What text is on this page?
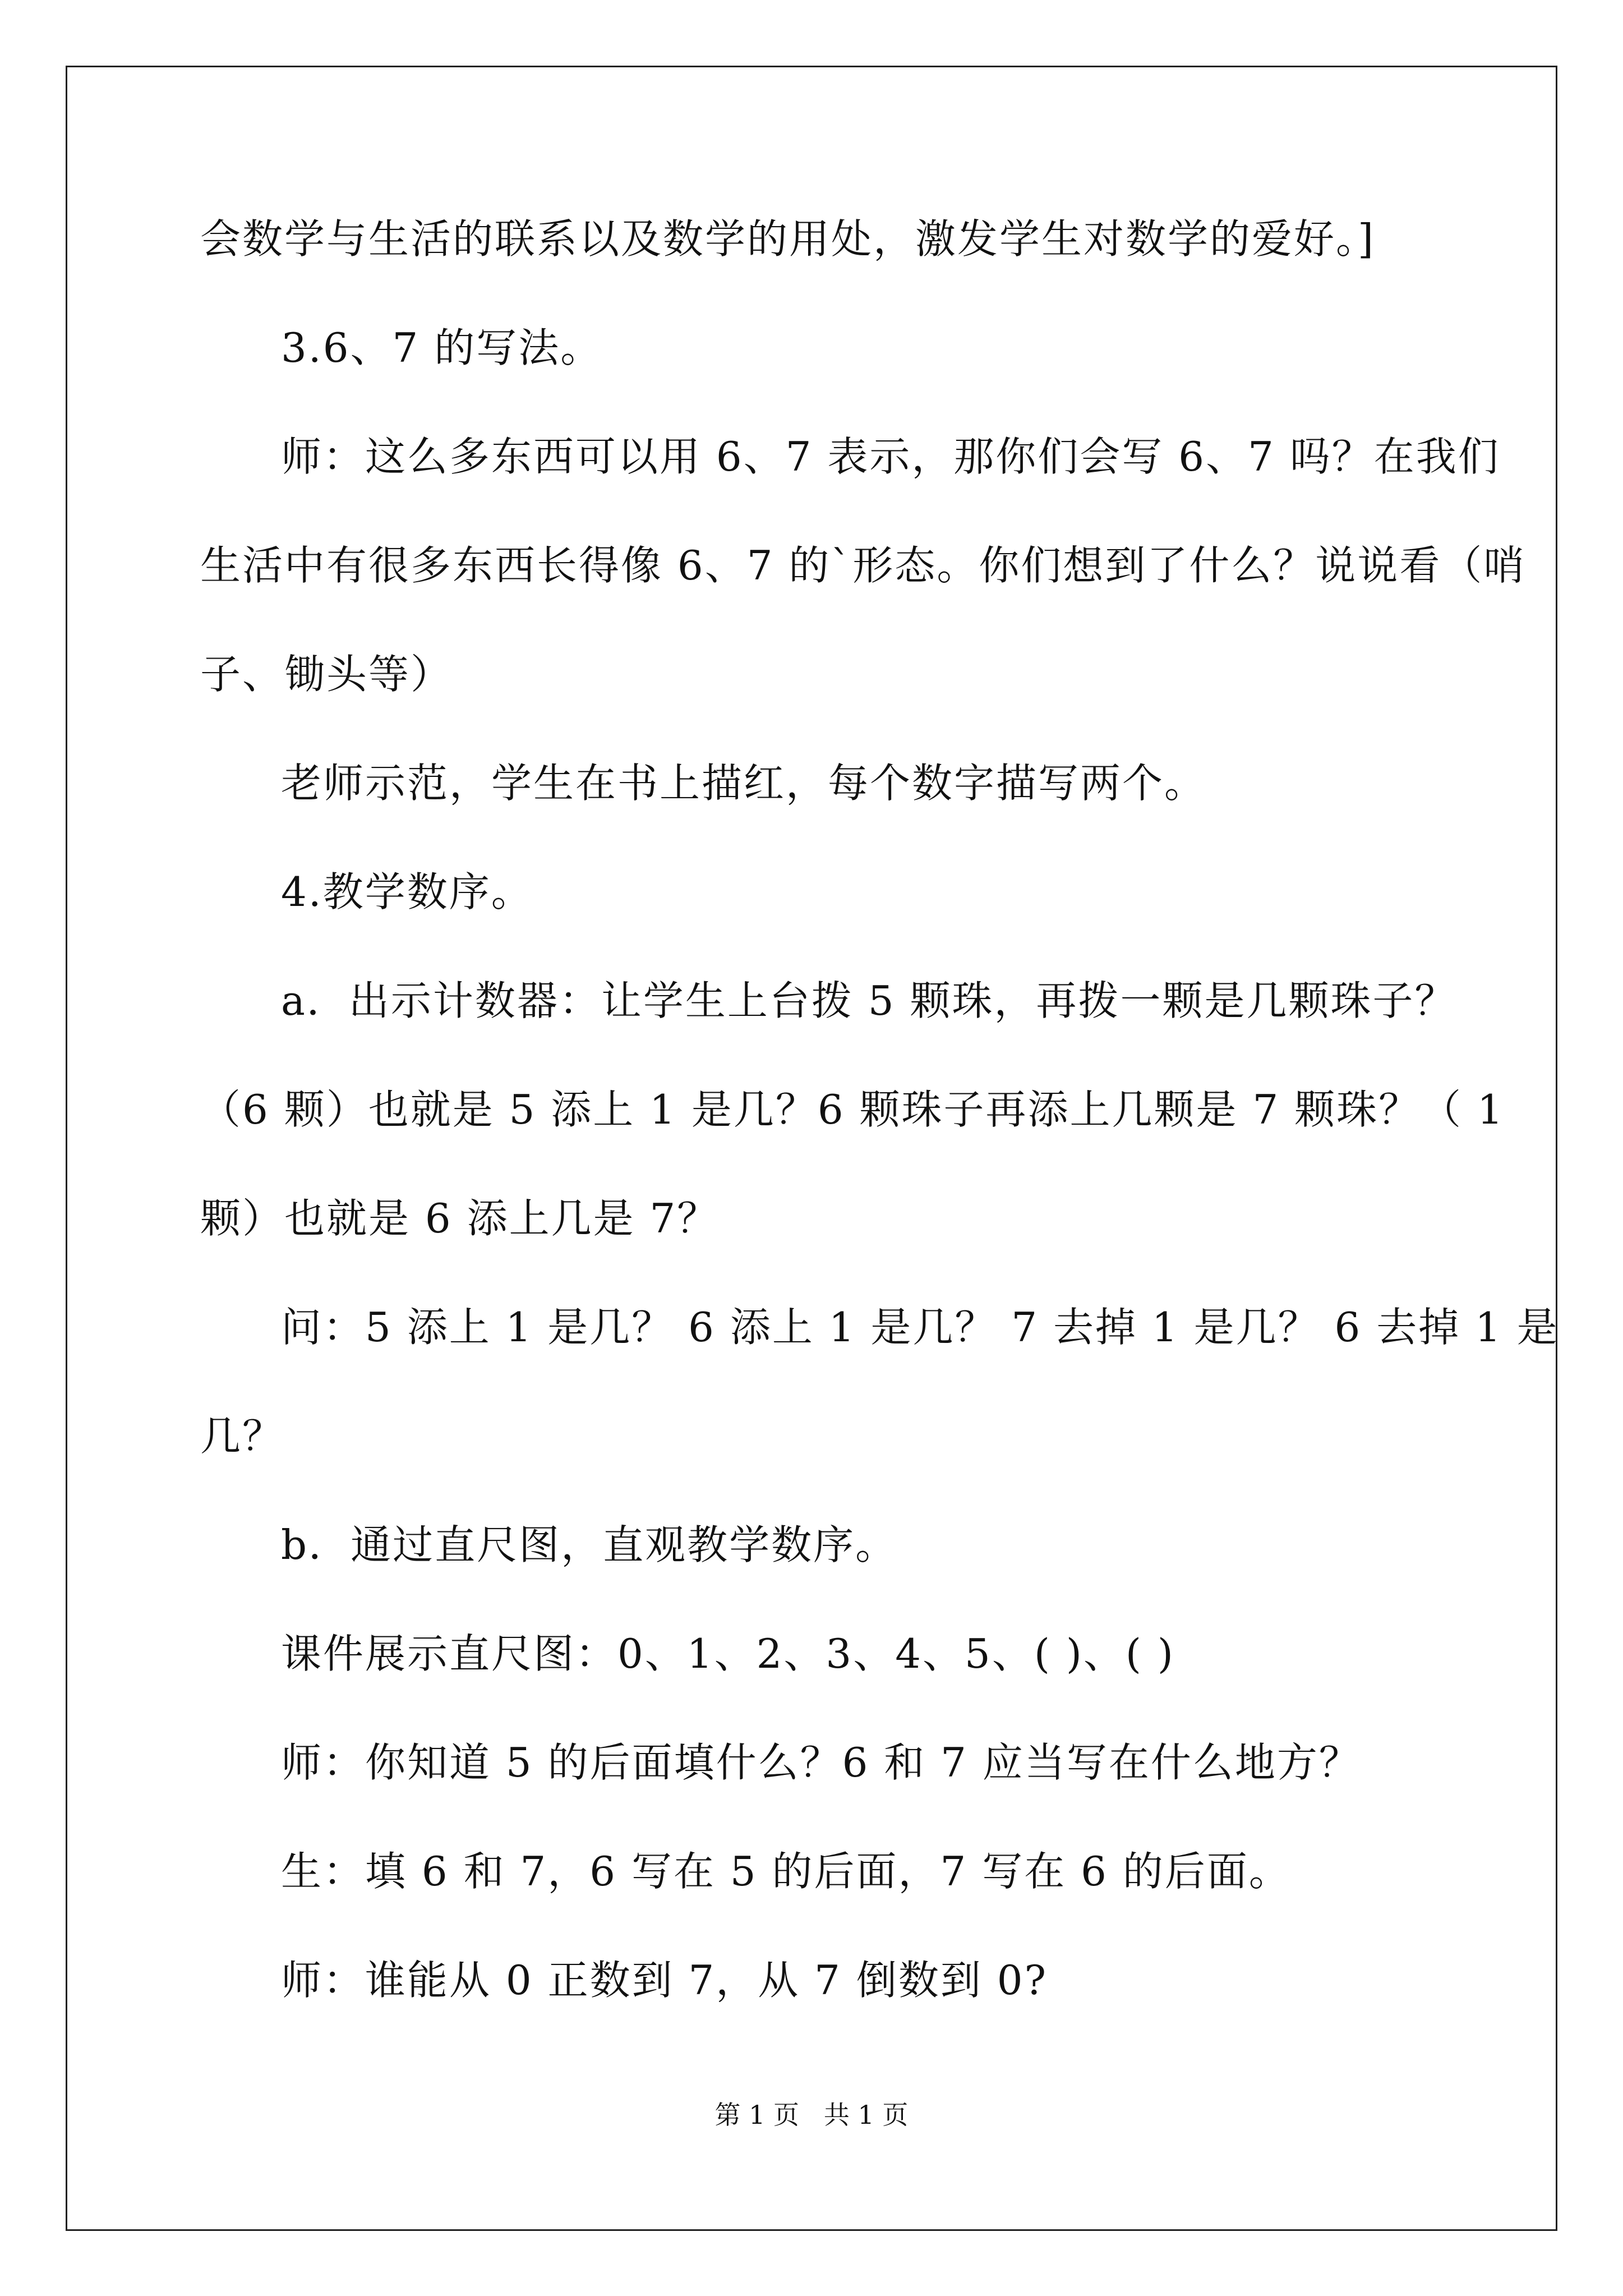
会数学与生活的联系以及数学的用处，激发学生对数学的爱好。]
3.6、7 的写法。
师：这么多东西可以用 6、7 表示，那你们会写 6、7 吗？在我们
生活中有很多东西长得像 6、7 的`形态。你们想到了什么？说说看（哨
子、锄头等）
老师示范，学生在书上描红，每个数字描写两个。
4.教学数序。
a．出示计数器：让学生上台拨 5 颗珠，再拨一颗是几颗珠子？
（6 颗）也就是 5 添上 1 是几？6 颗珠子再添上几颗是 7 颗珠？（ 1
颗）也就是 6 添上几是 7？
问：5 添上 1 是几？ 6 添上 1 是几？ 7 去掉 1 是几？ 6 去掉 1 是
几？
b．通过直尺图，直观教学数序。
课件展示直尺图：0、1、2、3、4、5、( )、( )
师：你知道 5 的后面填什么？6 和 7 应当写在什么地方？
生：填 6 和 7，6 写在 5 的后面，7 写在 6 的后面。
师：谁能从 0 正数到 7，从 7 倒数到 0?
第 1 页   共 1 页
